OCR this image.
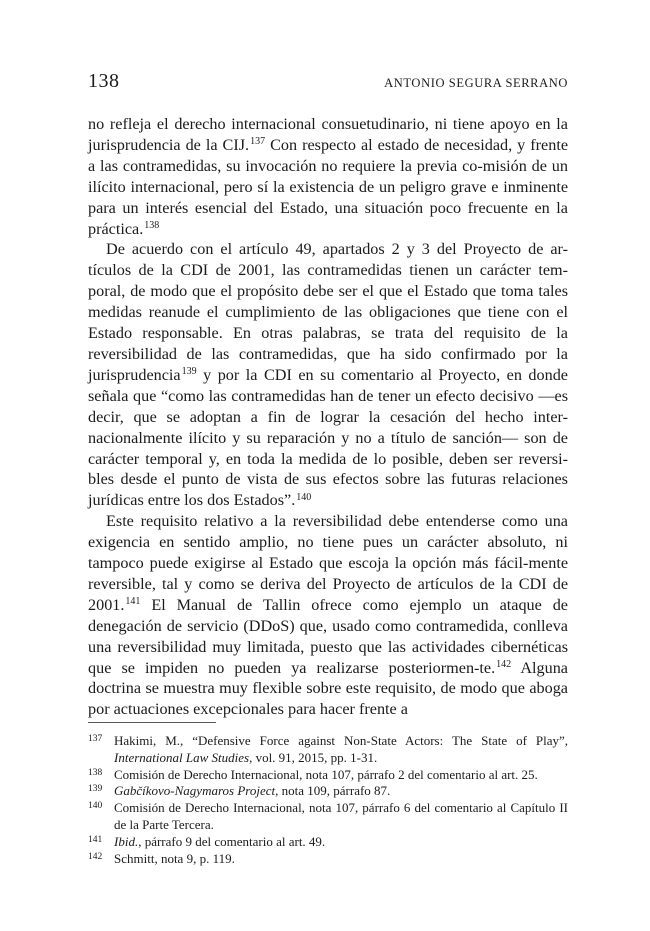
138	ANTONIO SEGURA SERRANO

no refleja el derecho internacional consuetudinario, ni tiene apoyo en la jurisprudencia de la CIJ.$^{137}$ Con respecto al estado de necesidad, y frente a las contramedidas, su invocación no requiere la previa co-misión de un ilícito internacional, pero sí la existencia de un peligro grave e inminente para un interés esencial del Estado, una situación poco frecuente en la práctica.$^{138}$

De acuerdo con el artículo 49, apartados 2 y 3 del Proyecto de ar-tículos de la CDI de 2001, las contramedidas tienen un carácter tem-poral, de modo que el propósito debe ser el que el Estado que toma tales medidas reanude el cumplimiento de las obligaciones que tiene con el Estado responsable. En otras palabras, se trata del requisito de la reversibilidad de las contramedidas, que ha sido confirmado por la jurisprudencia$^{139}$ y por la CDI en su comentario al Proyecto, en donde señala que “como las contramedidas han de tener un efecto decisivo —es decir, que se adoptan a fin de lograr la cesación del hecho inter-nacionalmente ilícito y su reparación y no a título de sanción— son de carácter temporal y, en toda la medida de lo posible, deben ser reversi-bles desde el punto de vista de sus efectos sobre las futuras relaciones jurídicas entre los dos Estados”.$^{140}$

Este requisito relativo a la reversibilidad debe entenderse como una exigencia en sentido amplio, no tiene pues un carácter absoluto, ni tampoco puede exigirse al Estado que escoja la opción más fácil-mente reversible, tal y como se deriva del Proyecto de artículos de la CDI de 2001.$^{141}$ El Manual de Tallin ofrece como ejemplo un ataque de denegación de servicio (DDoS) que, usado como contramedida, conlleva una reversibilidad muy limitada, puesto que las actividades cibernéticas que se impiden no pueden ya realizarse posteriormen-te.$^{142}$ Alguna doctrina se muestra muy flexible sobre este requisito, de modo que aboga por actuaciones excepcionales para hacer frente a

137 Hakimi, M., “Defensive Force against Non-State Actors: The State of Play”, International Law Studies, vol. 91, 2015, pp. 1-31.
138 Comisión de Derecho Internacional, nota 107, párrafo 2 del comentario al art. 25.
139 Gabčíkovo-Nagymaros Project, nota 109, párrafo 87.
140 Comisión de Derecho Internacional, nota 107, párrafo 6 del comentario al Capítulo II de la Parte Tercera.
141 Ibid., párrafo 9 del comentario al art. 49.
142 Schmitt, nota 9, p. 119.
